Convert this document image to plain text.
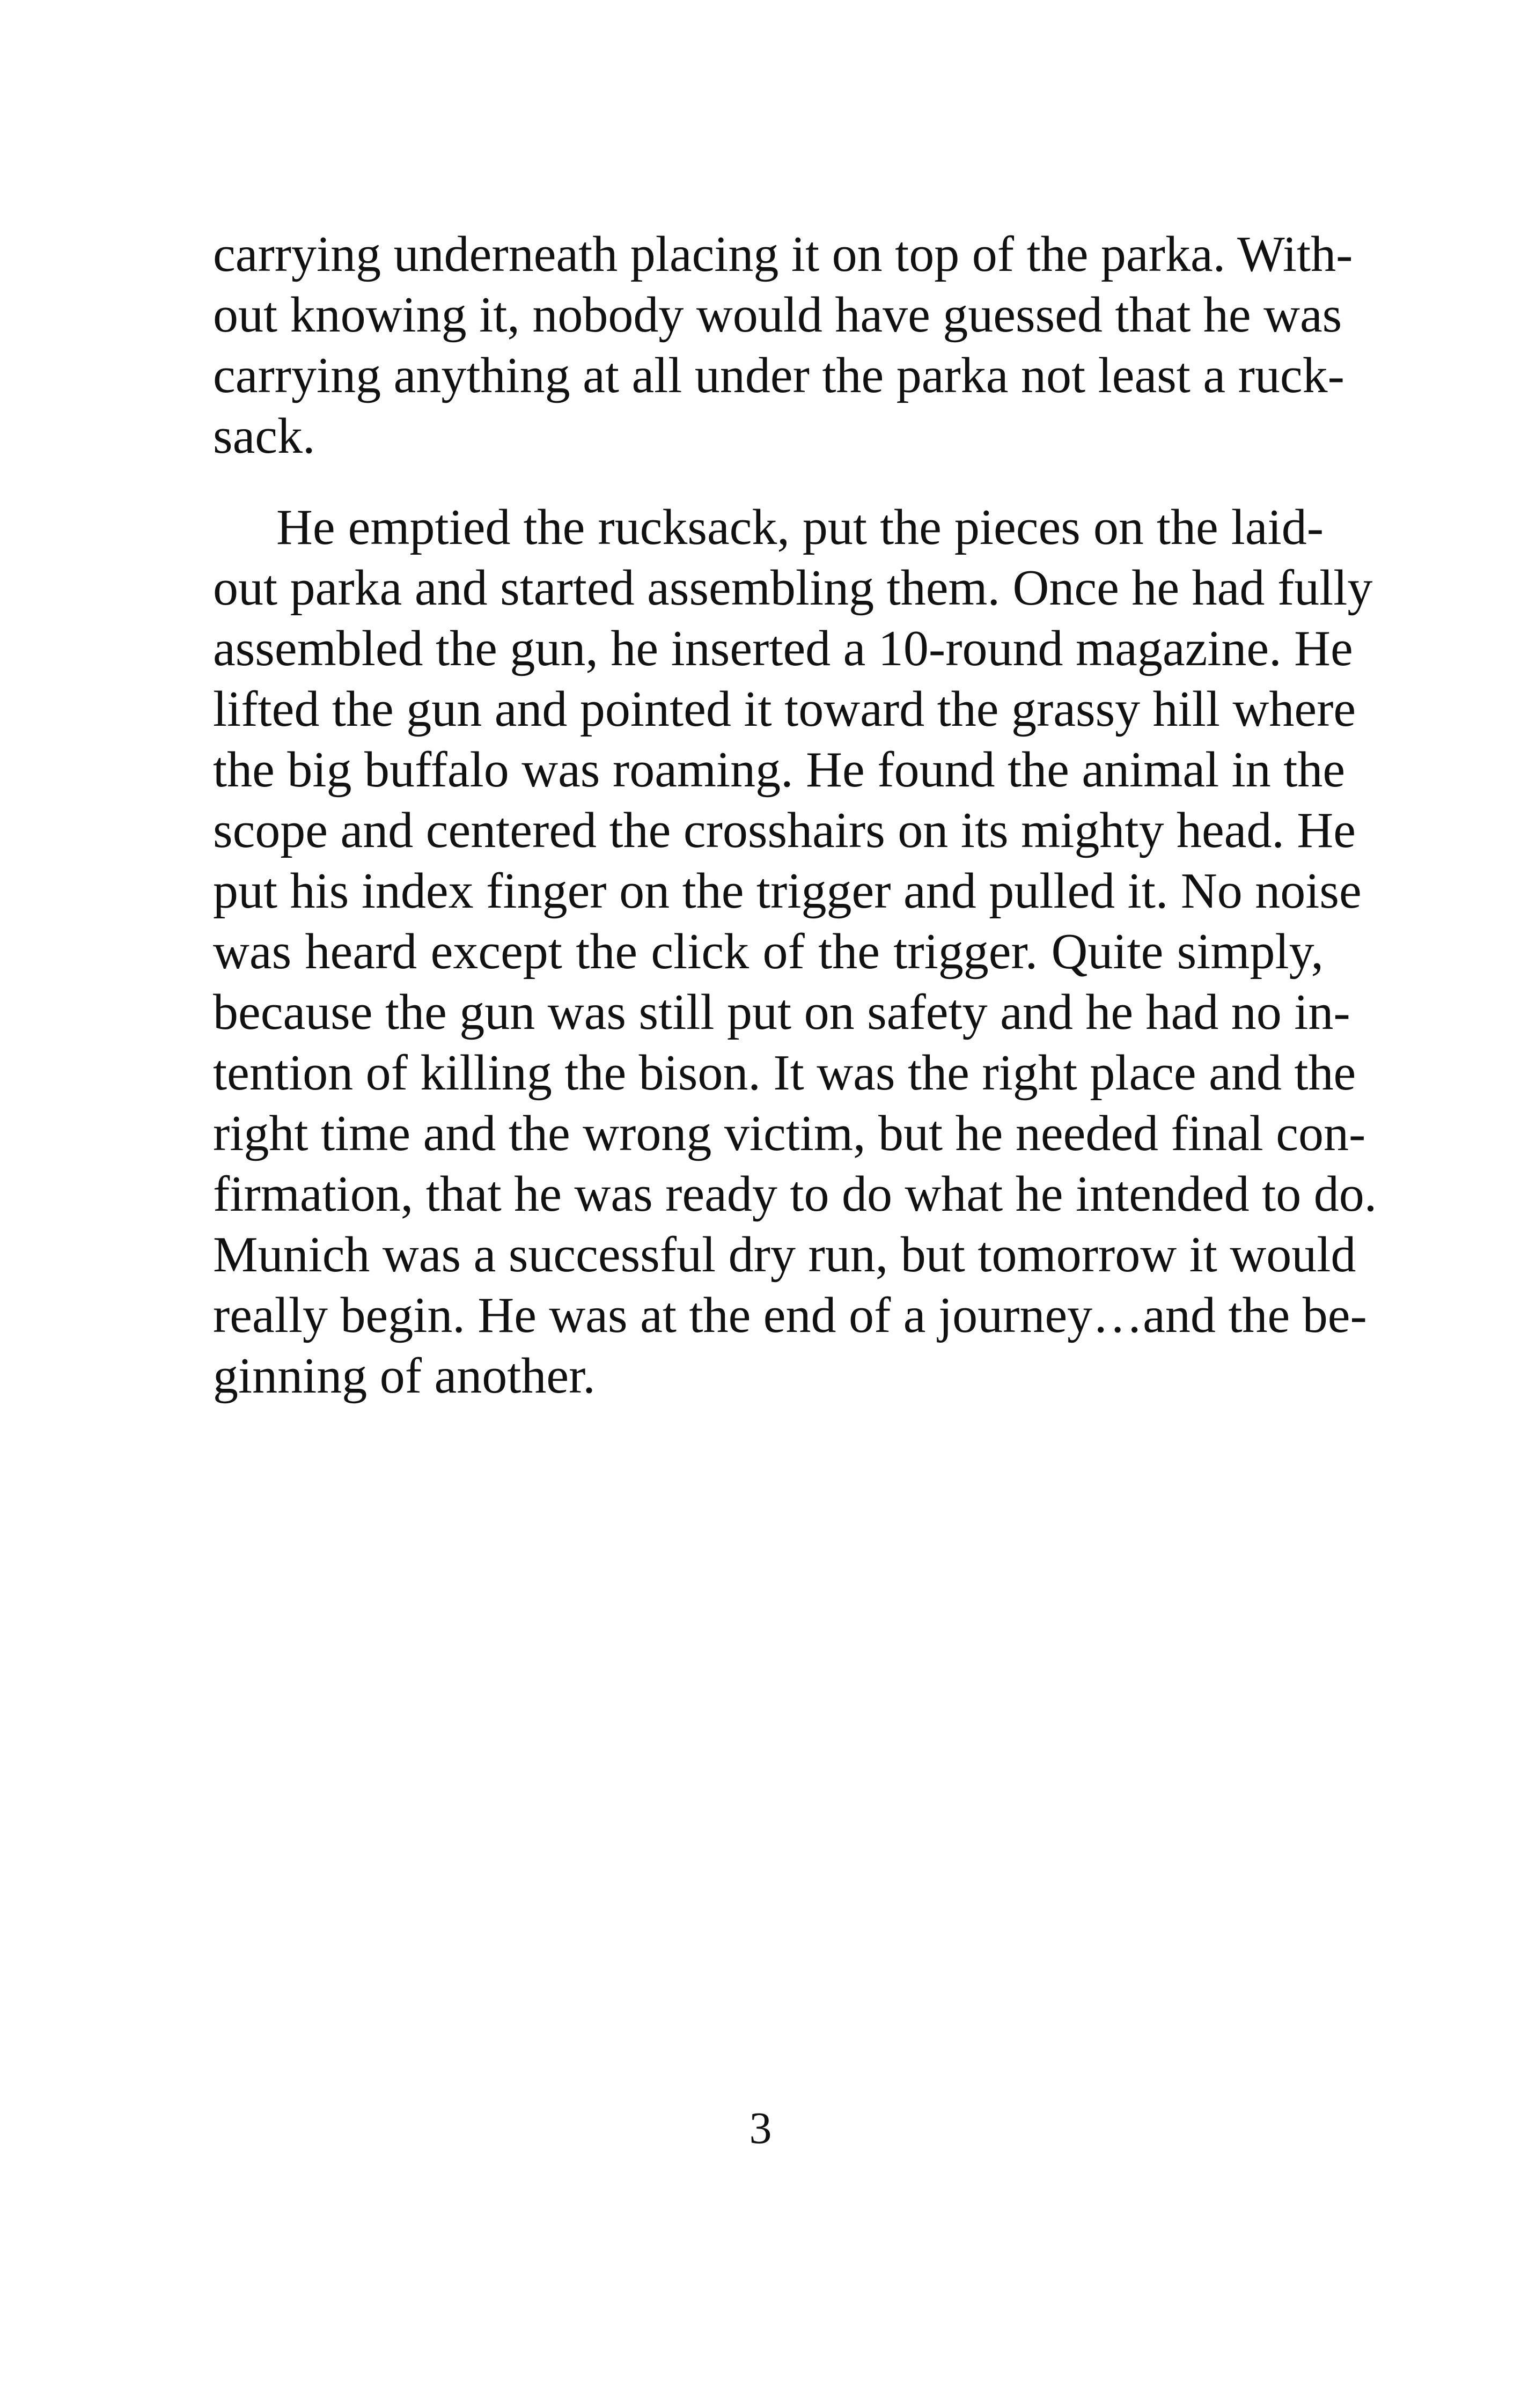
carrying underneath placing it on top of the parka. With-
out knowing it, nobody would have guessed that he was
carrying anything at all under the parka not least a ruck-
sack.
He emptied the rucksack, put the pieces on the laid-
out parka and started assembling them. Once he had fully
assembled the gun, he inserted a 10-round magazine. He
lifted the gun and pointed it toward the grassy hill where
the big buffalo was roaming. He found the animal in the
scope and centered the crosshairs on its mighty head. He
put his index finger on the trigger and pulled it. No noise
was heard except the click of the trigger. Quite simply,
because the gun was still put on safety and he had no in-
tention of killing the bison. It was the right place and the
right time and the wrong victim, but he needed final con-
firmation, that he was ready to do what he intended to do.
Munich was a successful dry run, but tomorrow it would
really begin. He was at the end of a journey…and the be-
ginning of another.
3
